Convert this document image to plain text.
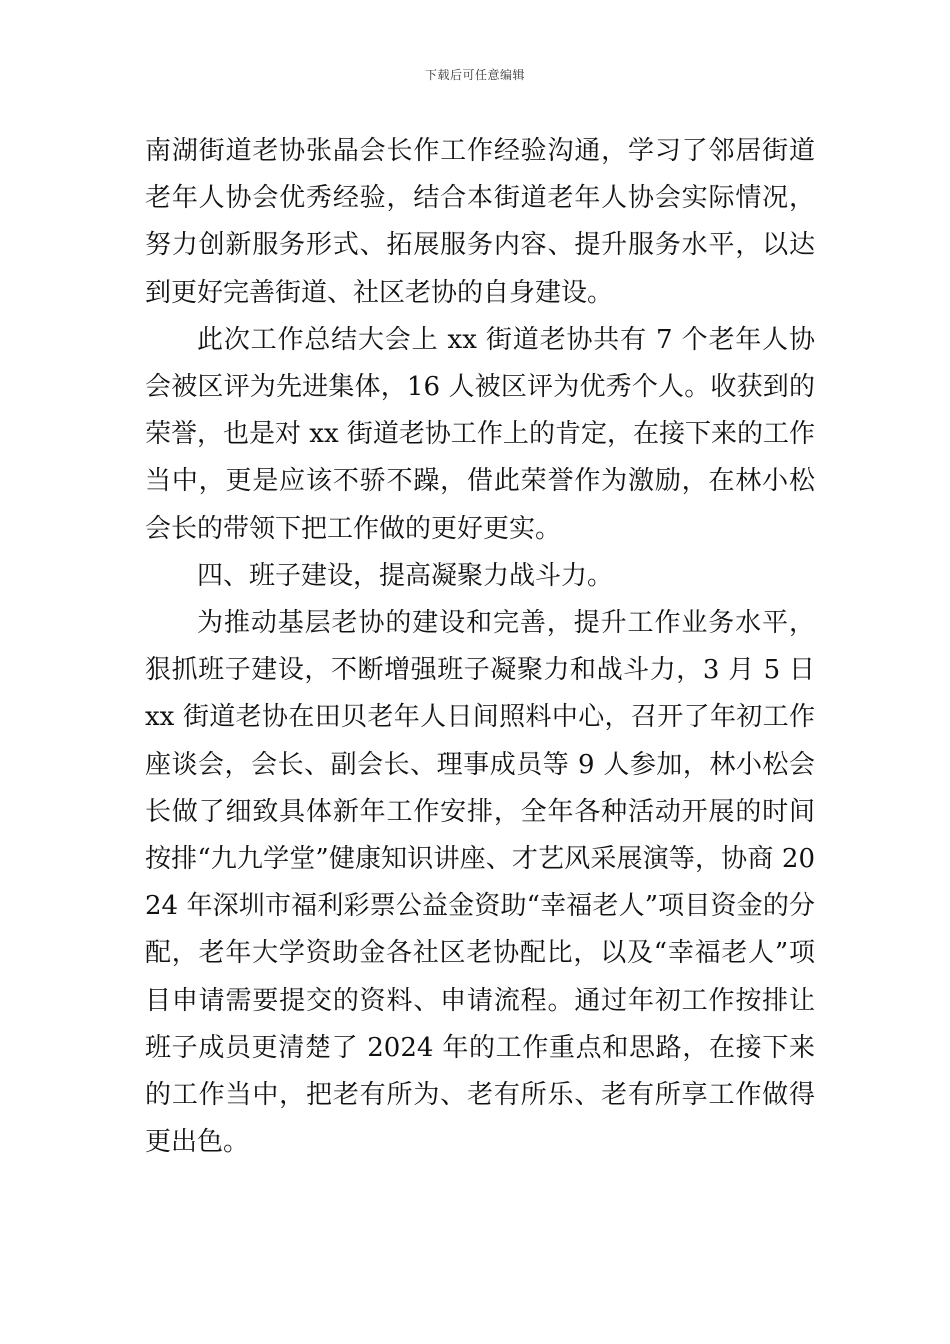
下载后可任意编辑

南湖街道老协张晶会长作工作经验沟通，学习了邻居街道老年人协会优秀经验，结合本街道老年人协会实际情况，努力创新服务形式、拓展服务内容、提升服务水平，以达到更好完善街道、社区老协的自身建设。

此次工作总结大会上 xx 街道老协共有 7 个老年人协会被区评为先进集体，16 人被区评为优秀个人。收获到的荣誉，也是对 xx 街道老协工作上的肯定，在接下来的工作当中，更是应该不骄不躁，借此荣誉作为激励，在林小松会长的带领下把工作做的更好更实。

四、班子建设，提高凝聚力战斗力。

为推动基层老协的建设和完善，提升工作业务水平，狠抓班子建设，不断增强班子凝聚力和战斗力，3 月 5 日 xx 街道老协在田贝老年人日间照料中心，召开了年初工作座谈会，会长、副会长、理事成员等 9 人参加，林小松会长做了细致具体新年工作安排，全年各种活动开展的时间按排“九九学堂”健康知识讲座、才艺风采展演等，协商 2024 年深圳市福利彩票公益金资助“幸福老人”项目资金的分配，老年大学资助金各社区老协配比，以及“幸福老人”项目申请需要提交的资料、申请流程。通过年初工作按排让班子成员更清楚了 2024 年的工作重点和思路，在接下来的工作当中，把老有所为、老有所乐、老有所享工作做得更出色。
